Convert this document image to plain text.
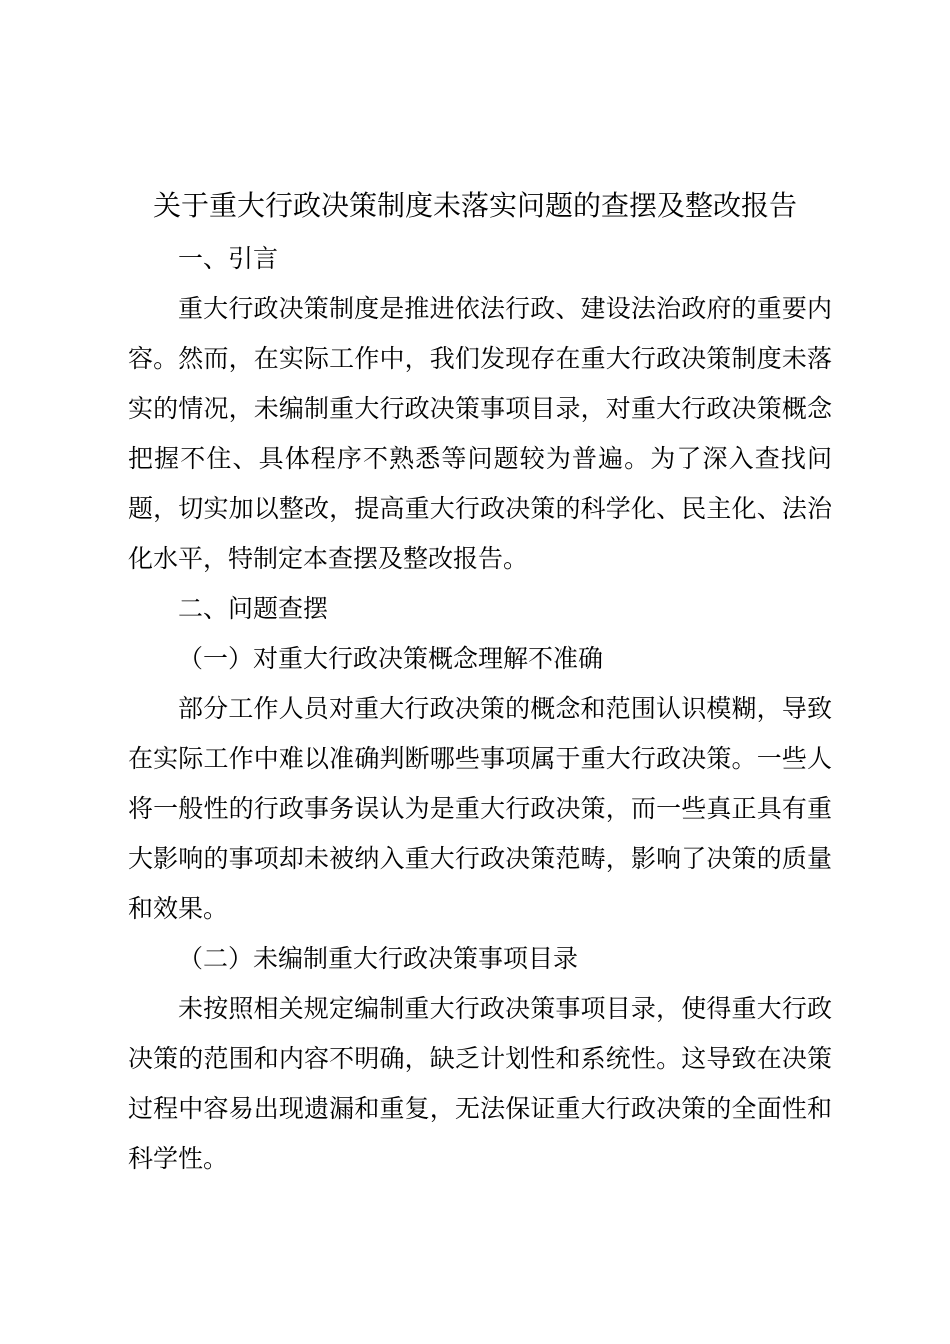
关于重大行政决策制度未落实问题的查摆及整改报告
一、引言

重大行政决策制度是推进依法行政、建设法治政府的重要内容。然而，在实际工作中，我们发现存在重大行政决策制度未落实的情况，未编制重大行政决策事项目录，对重大行政决策概念把握不住、具体程序不熟悉等问题较为普遍。为了深入查找问题，切实加以整改，提高重大行政决策的科学化、民主化、法治化水平，特制定本查摆及整改报告。

二、问题查摆
（一）对重大行政决策概念理解不准确

部分工作人员对重大行政决策的概念和范围认识模糊，导致在实际工作中难以准确判断哪些事项属于重大行政决策。一些人将一般性的行政事务误认为是重大行政决策，而一些真正具有重大影响的事项却未被纳入重大行政决策范畴，影响了决策的质量和效果。

（二）未编制重大行政决策事项目录

未按照相关规定编制重大行政决策事项目录，使得重大行政决策的范围和内容不明确，缺乏计划性和系统性。这导致在决策过程中容易出现遗漏和重复，无法保证重大行政决策的全面性和科学性。
